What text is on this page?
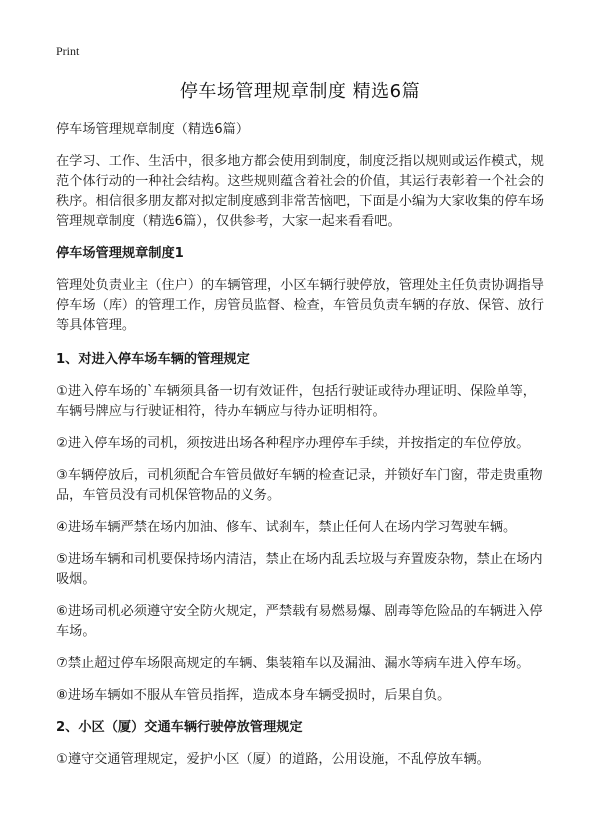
Print
停车场管理规章制度 精选6篇

停车场管理规章制度（精选6篇）

在学习、工作、生活中，很多地方都会使用到制度，制度泛指以规则或运作模式，规范个体行动的一种社会结构。这些规则蕴含着社会的价值，其运行表彰着一个社会的秩序。相信很多朋友都对拟定制度感到非常苦恼吧，下面是小编为大家收集的停车场管理规章制度（精选6篇），仅供参考，大家一起来看看吧。

停车场管理规章制度1

管理处负责业主（住户）的车辆管理，小区车辆行驶停放，管理处主任负责协调指导停车场（库）的管理工作，房管员监督、检查，车管员负责车辆的存放、保管、放行等具体管理。

1、对进入停车场车辆的管理规定

①进入停车场的`车辆须具备一切有效证件，包括行驶证或待办理证明、保险单等，车辆号牌应与行驶证相符，待办车辆应与待办证明相符。

②进入停车场的司机，须按进出场各种程序办理停车手续，并按指定的车位停放。

③车辆停放后，司机须配合车管员做好车辆的检查记录，并锁好车门窗，带走贵重物品，车管员没有司机保管物品的义务。

④进场车辆严禁在场内加油、修车、试刹车，禁止任何人在场内学习驾驶车辆。

⑤进场车辆和司机要保持场内清洁，禁止在场内乱丢垃圾与弃置废杂物，禁止在场内吸烟。

⑥进场司机必须遵守安全防火规定，严禁载有易燃易爆、剧毒等危险品的车辆进入停车场。

⑦禁止超过停车场限高规定的车辆、集装箱车以及漏油、漏水等病车进入停车场。

⑧进场车辆如不服从车管员指挥，造成本身车辆受损时，后果自负。

2、小区（厦）交通车辆行驶停放管理规定

①遵守交通管理规定，爱护小区（厦）的道路，公用设施，不乱停放车辆。
